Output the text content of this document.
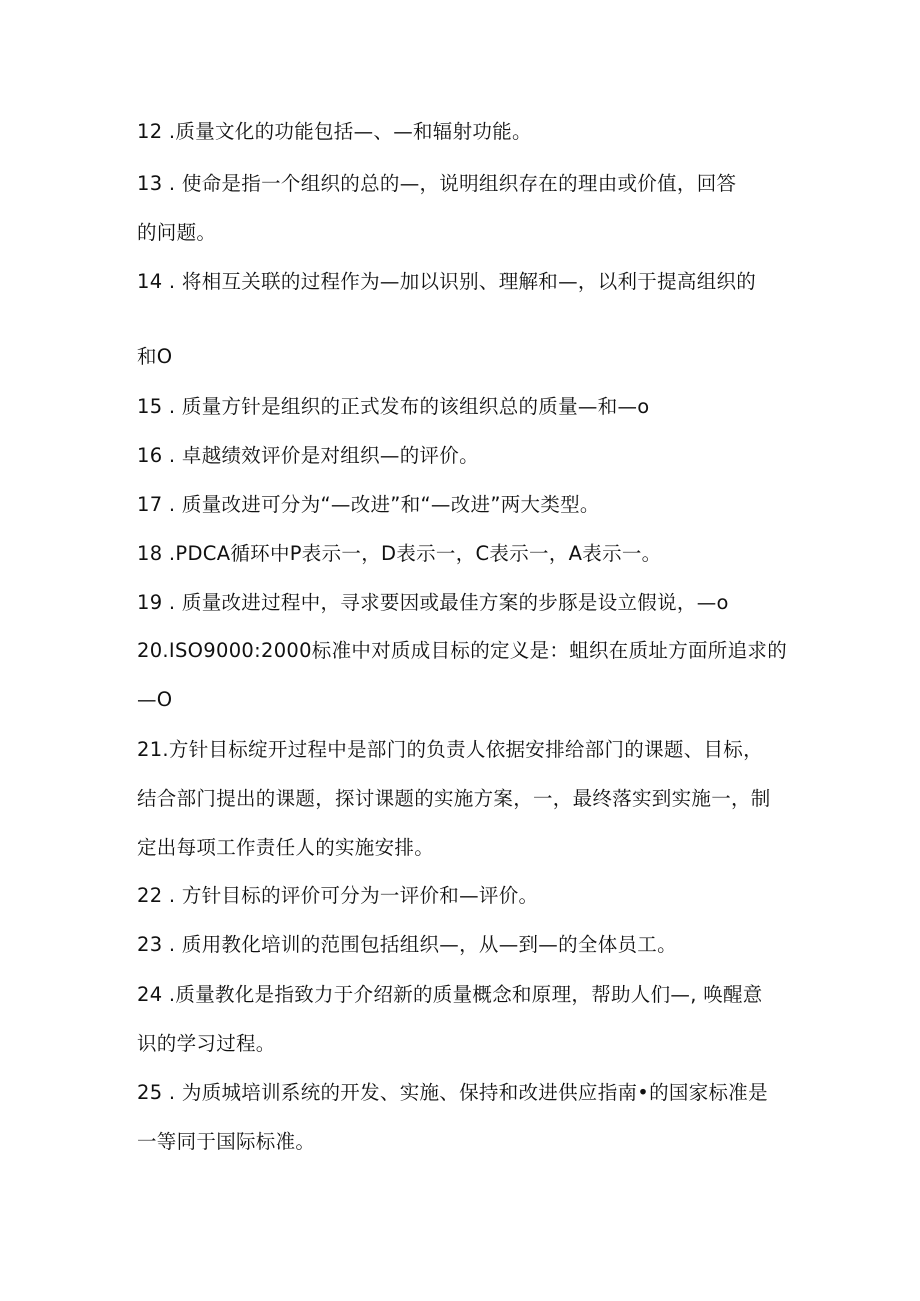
12 .质量文化的功能包括—、—和辐射功能。
13 . 使命是指一个组织的总的—，说明组织存在的理由或价值，回答
的问题。
14 . 将相互关联的过程作为—加以识别、理解和—，以利于提高组织的
和O
15 . 质量方针是组织的正式发布的该组织总的质量—和—o
16 . 卓越绩效评价是对组织—的评价。
17 . 质量改进可分为“—改进”和“—改进”两大类型。
18 .PDCA循环中P表示一，D表示一，C表示一，A表示一。
19 . 质量改进过程中，寻求要因或最佳方案的步豚是设立假说，—o
20.ISO9000:2000标准中对质成目标的定义是：蛆织在质址方面所追求的
—O
21.方针目标绽开过程中是部门的负责人依据安排给部门的课题、目标，
结合部门提出的课题，探讨课题的实施方案，一，最终落实到实施一，制
定出每项工作责任人的实施安排。
22 . 方针目标的评价可分为一评价和—评价。
23 . 质用教化培训的范围包括组织—，从—到—的全体员工。
24 .质量教化是指致力于介绍新的质量概念和原理，帮助人们—, 唤醒意
识的学习过程。
25 . 为质城培训系统的开发、实施、保持和改进供应指南•的国家标准是
一等同于国际标准。
